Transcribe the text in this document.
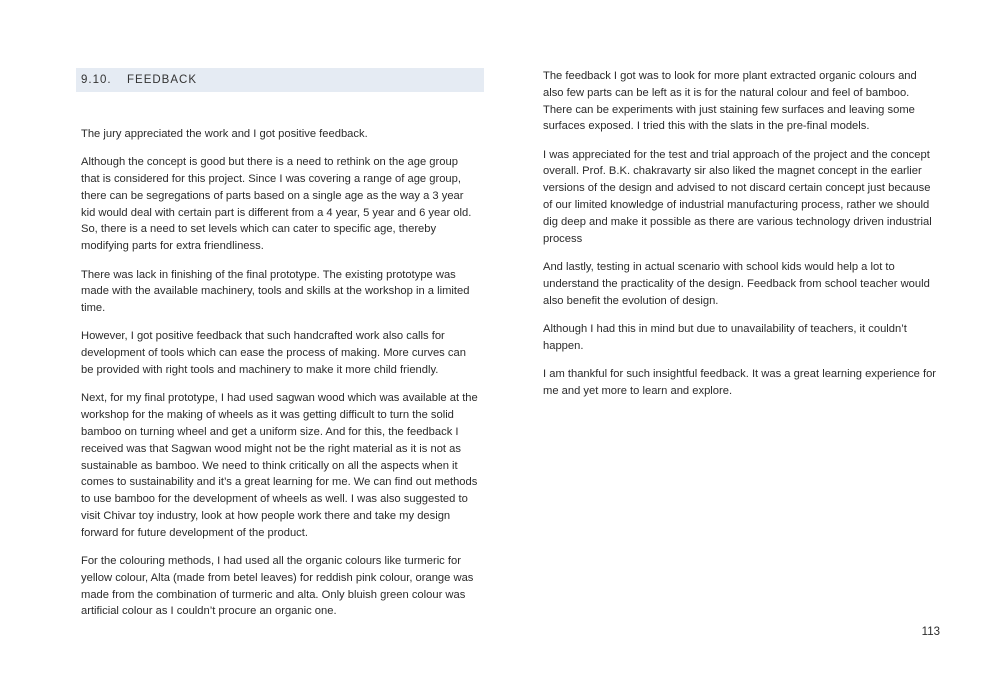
9.10. FEEDBACK

The jury appreciated the work and I got positive feedback.

Although the concept is good but there is a need to rethink on the age group that is considered for this project. Since I was covering a range of age group, there can be segregations of parts based on a single age as the way a 3 year kid would deal with certain part is different from a 4 year, 5 year and 6 year old. So, there is a need to set levels which can cater to specific age, thereby modifying parts for extra friendliness.

There was lack in finishing of the final prototype. The existing prototype was made with the available machinery, tools and skills at the workshop in a limited time.

However, I got positive feedback that such handcrafted work also calls for development of tools which can ease the process of making. More curves can be provided with right tools and machinery to make it more child friendly.

Next, for my final prototype, I had used sagwan wood which was available at the workshop for the making of wheels as it was getting difficult to turn the solid bamboo on turning wheel and get a uniform size. And for this, the feedback I received was that Sagwan wood might not be the right material as it is not as sustainable as bamboo. We need to think critically on all the aspects when it comes to sustainability and it’s a great learning for me. We can find out methods to use bamboo for the development of wheels as well. I was also suggested to visit Chivar toy industry, look at how people work there and take my design forward for future development of the product.

For the colouring methods, I had used all the organic colours like turmeric for yellow colour, Alta (made from betel leaves) for reddish pink colour, orange was made from the combination of turmeric and alta. Only bluish green colour was artificial colour as I couldn’t procure an organic one.

The feedback I got was to look for more plant extracted organic colours and also few parts can be left as it is for the natural colour and feel of bamboo. There can be experiments with just staining few surfaces and leaving some surfaces exposed. I tried this with the slats in the pre-final models.

I was appreciated for the test and trial approach of the project and the concept overall. Prof. B.K. chakravarty sir also liked the magnet concept in the earlier versions of the design and advised to not discard certain concept just because of our limited knowledge of industrial manufacturing process, rather we should dig deep and make it possible as there are various technology driven industrial process

And lastly, testing in actual scenario with school kids would help a lot to understand the practicality of the design. Feedback from school teacher would also benefit the evolution of design.

Although I had this in mind but due to unavailability of teachers, it couldn’t happen.

I am thankful for such insightful feedback. It was a great learning experience for me and yet more to learn and explore.

113
